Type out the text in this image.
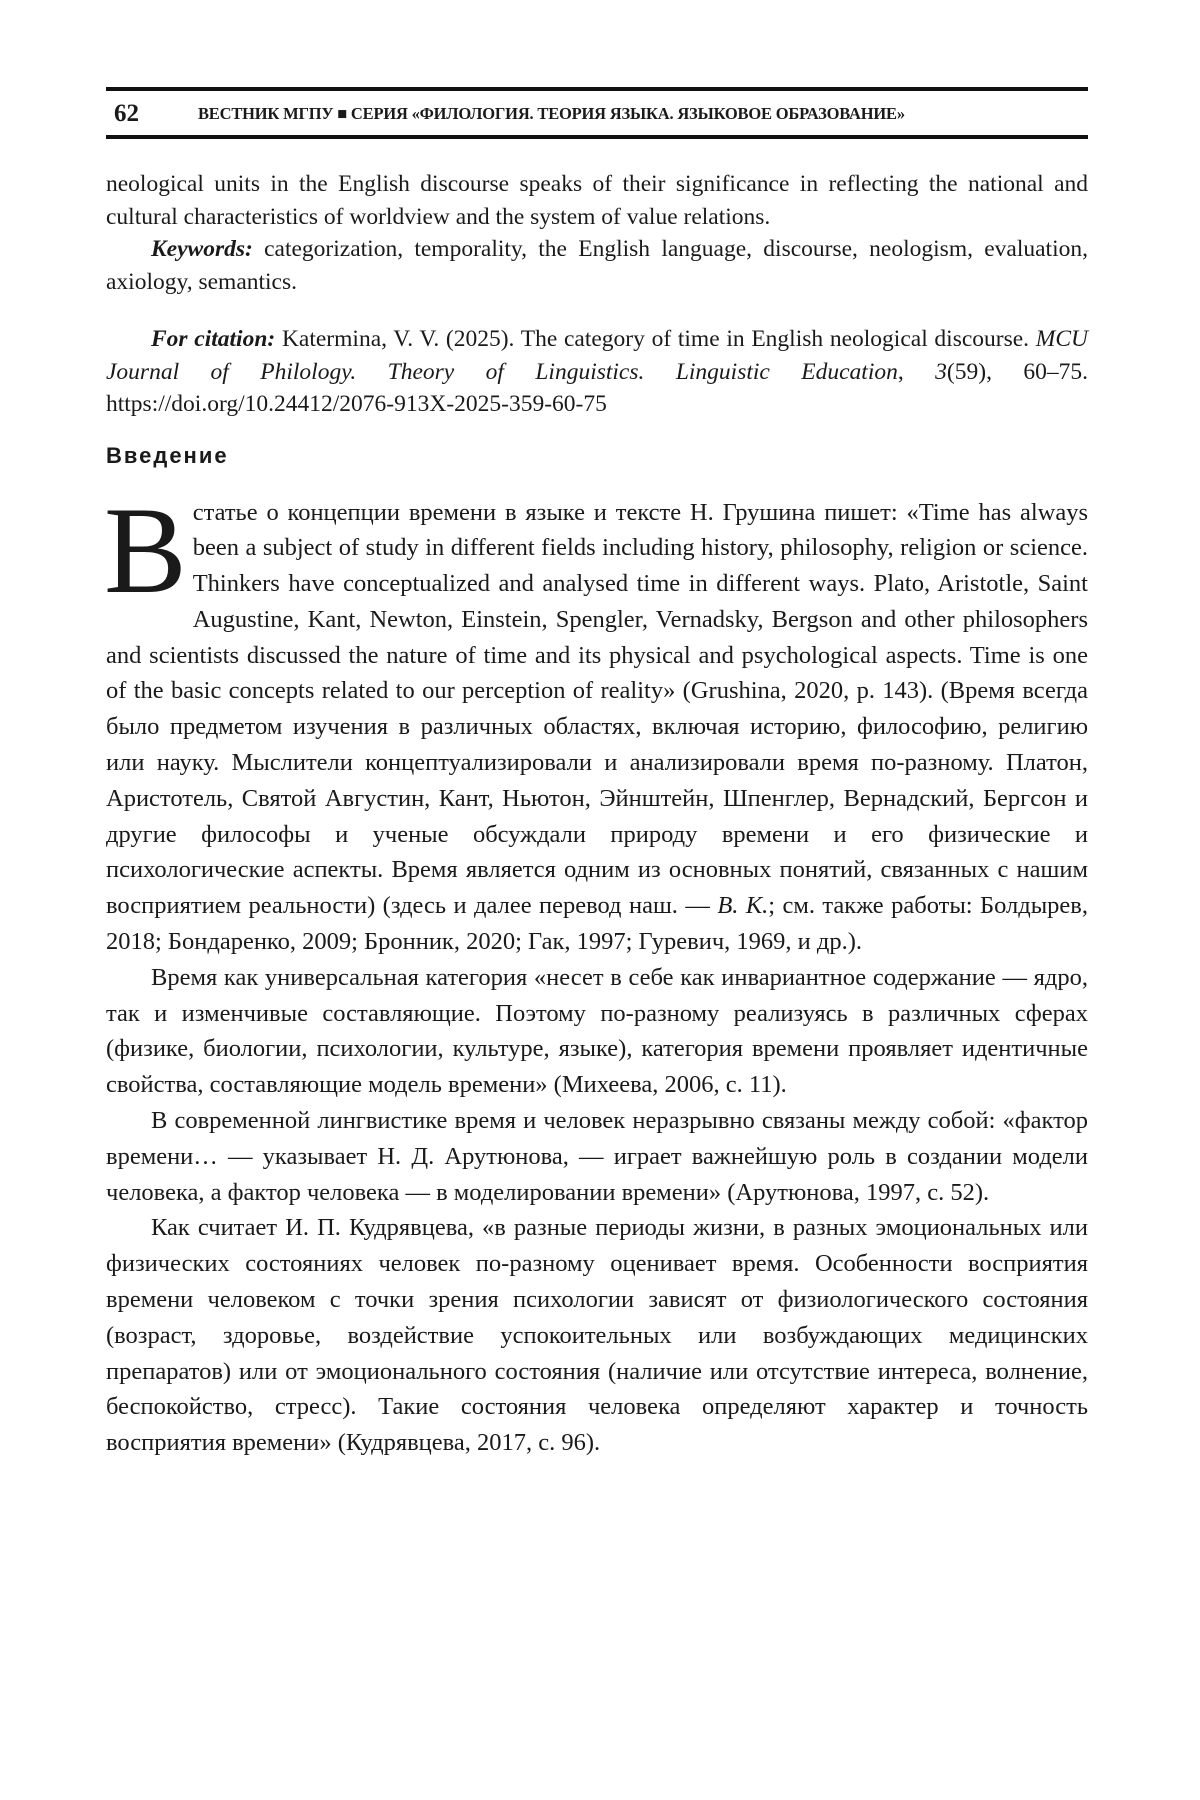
62	ВЕСТНИК МГПУ ■ СЕРИЯ «ФИЛОЛОГИЯ. ТЕОРИЯ ЯЗЫКА. ЯЗЫКОВОЕ ОБРАЗОВАНИЕ»

neological units in the English discourse speaks of their significance in reflecting the national and cultural characteristics of worldview and the system of value relations.

Keywords: categorization, temporality, the English language, discourse, neologism, evaluation, axiology, semantics.

For citation: Katermina, V. V. (2025). The category of time in English neological discourse. MCU Journal of Philology. Theory of Linguistics. Linguistic Education, 3(59), 60–75. https://doi.org/10.24412/2076-913X-2025-359-60-75

Введение

В статье о концепции времени в языке и тексте Н. Грушина пишет: «Time has always been a subject of study in different fields including history, philosophy, religion or science. Thinkers have conceptualized and analysed time in different ways. Plato, Aristotle, Saint Augustine, Kant, Newton, Einstein, Spengler, Vernadsky, Bergson and other philosophers and scientists discussed the nature of time and its physical and psychological aspects. Time is one of the basic concepts related to our perception of reality» (Grushina, 2020, p. 143). (Время всегда было предметом изучения в различных областях, включая историю, философию, религию или науку. Мыслители концептуализировали и анализировали время по-разному. Платон, Аристотель, Святой Августин, Кант, Ньютон, Эйнштейн, Шпенглер, Вернадский, Бергсон и другие философы и ученые обсуждали природу времени и его физические и психологические аспекты. Время является одним из основных понятий, связанных с нашим восприятием реальности) (здесь и далее перевод наш. — В. К.; см. также работы: Болдырев, 2018; Бондаренко, 2009; Бронник, 2020; Гак, 1997; Гуревич, 1969, и др.).

Время как универсальная категория «несет в себе как инвариантное содержание — ядро, так и изменчивые составляющие. Поэтому по-разному реализуясь в различных сферах (физике, биологии, психологии, культуре, языке), категория времени проявляет идентичные свойства, составляющие модель времени» (Михеева, 2006, с. 11).

В современной лингвистике время и человек неразрывно связаны между собой: «фактор времени… — указывает Н. Д. Арутюнова, — играет важнейшую роль в создании модели человека, а фактор человека — в моделировании времени» (Арутюнова, 1997, с. 52).

Как считает И. П. Кудрявцева, «в разные периоды жизни, в разных эмоциональных или физических состояниях человек по-разному оценивает время. Особенности восприятия времени человеком с точки зрения психологии зависят от физиологического состояния (возраст, здоровье, воздействие успокоительных или возбуждающих медицинских препаратов) или от эмоционального состояния (наличие или отсутствие интереса, волнение, беспокойство, стресс). Такие состояния человека определяют характер и точность восприятия времени» (Кудрявцева, 2017, с. 96).
